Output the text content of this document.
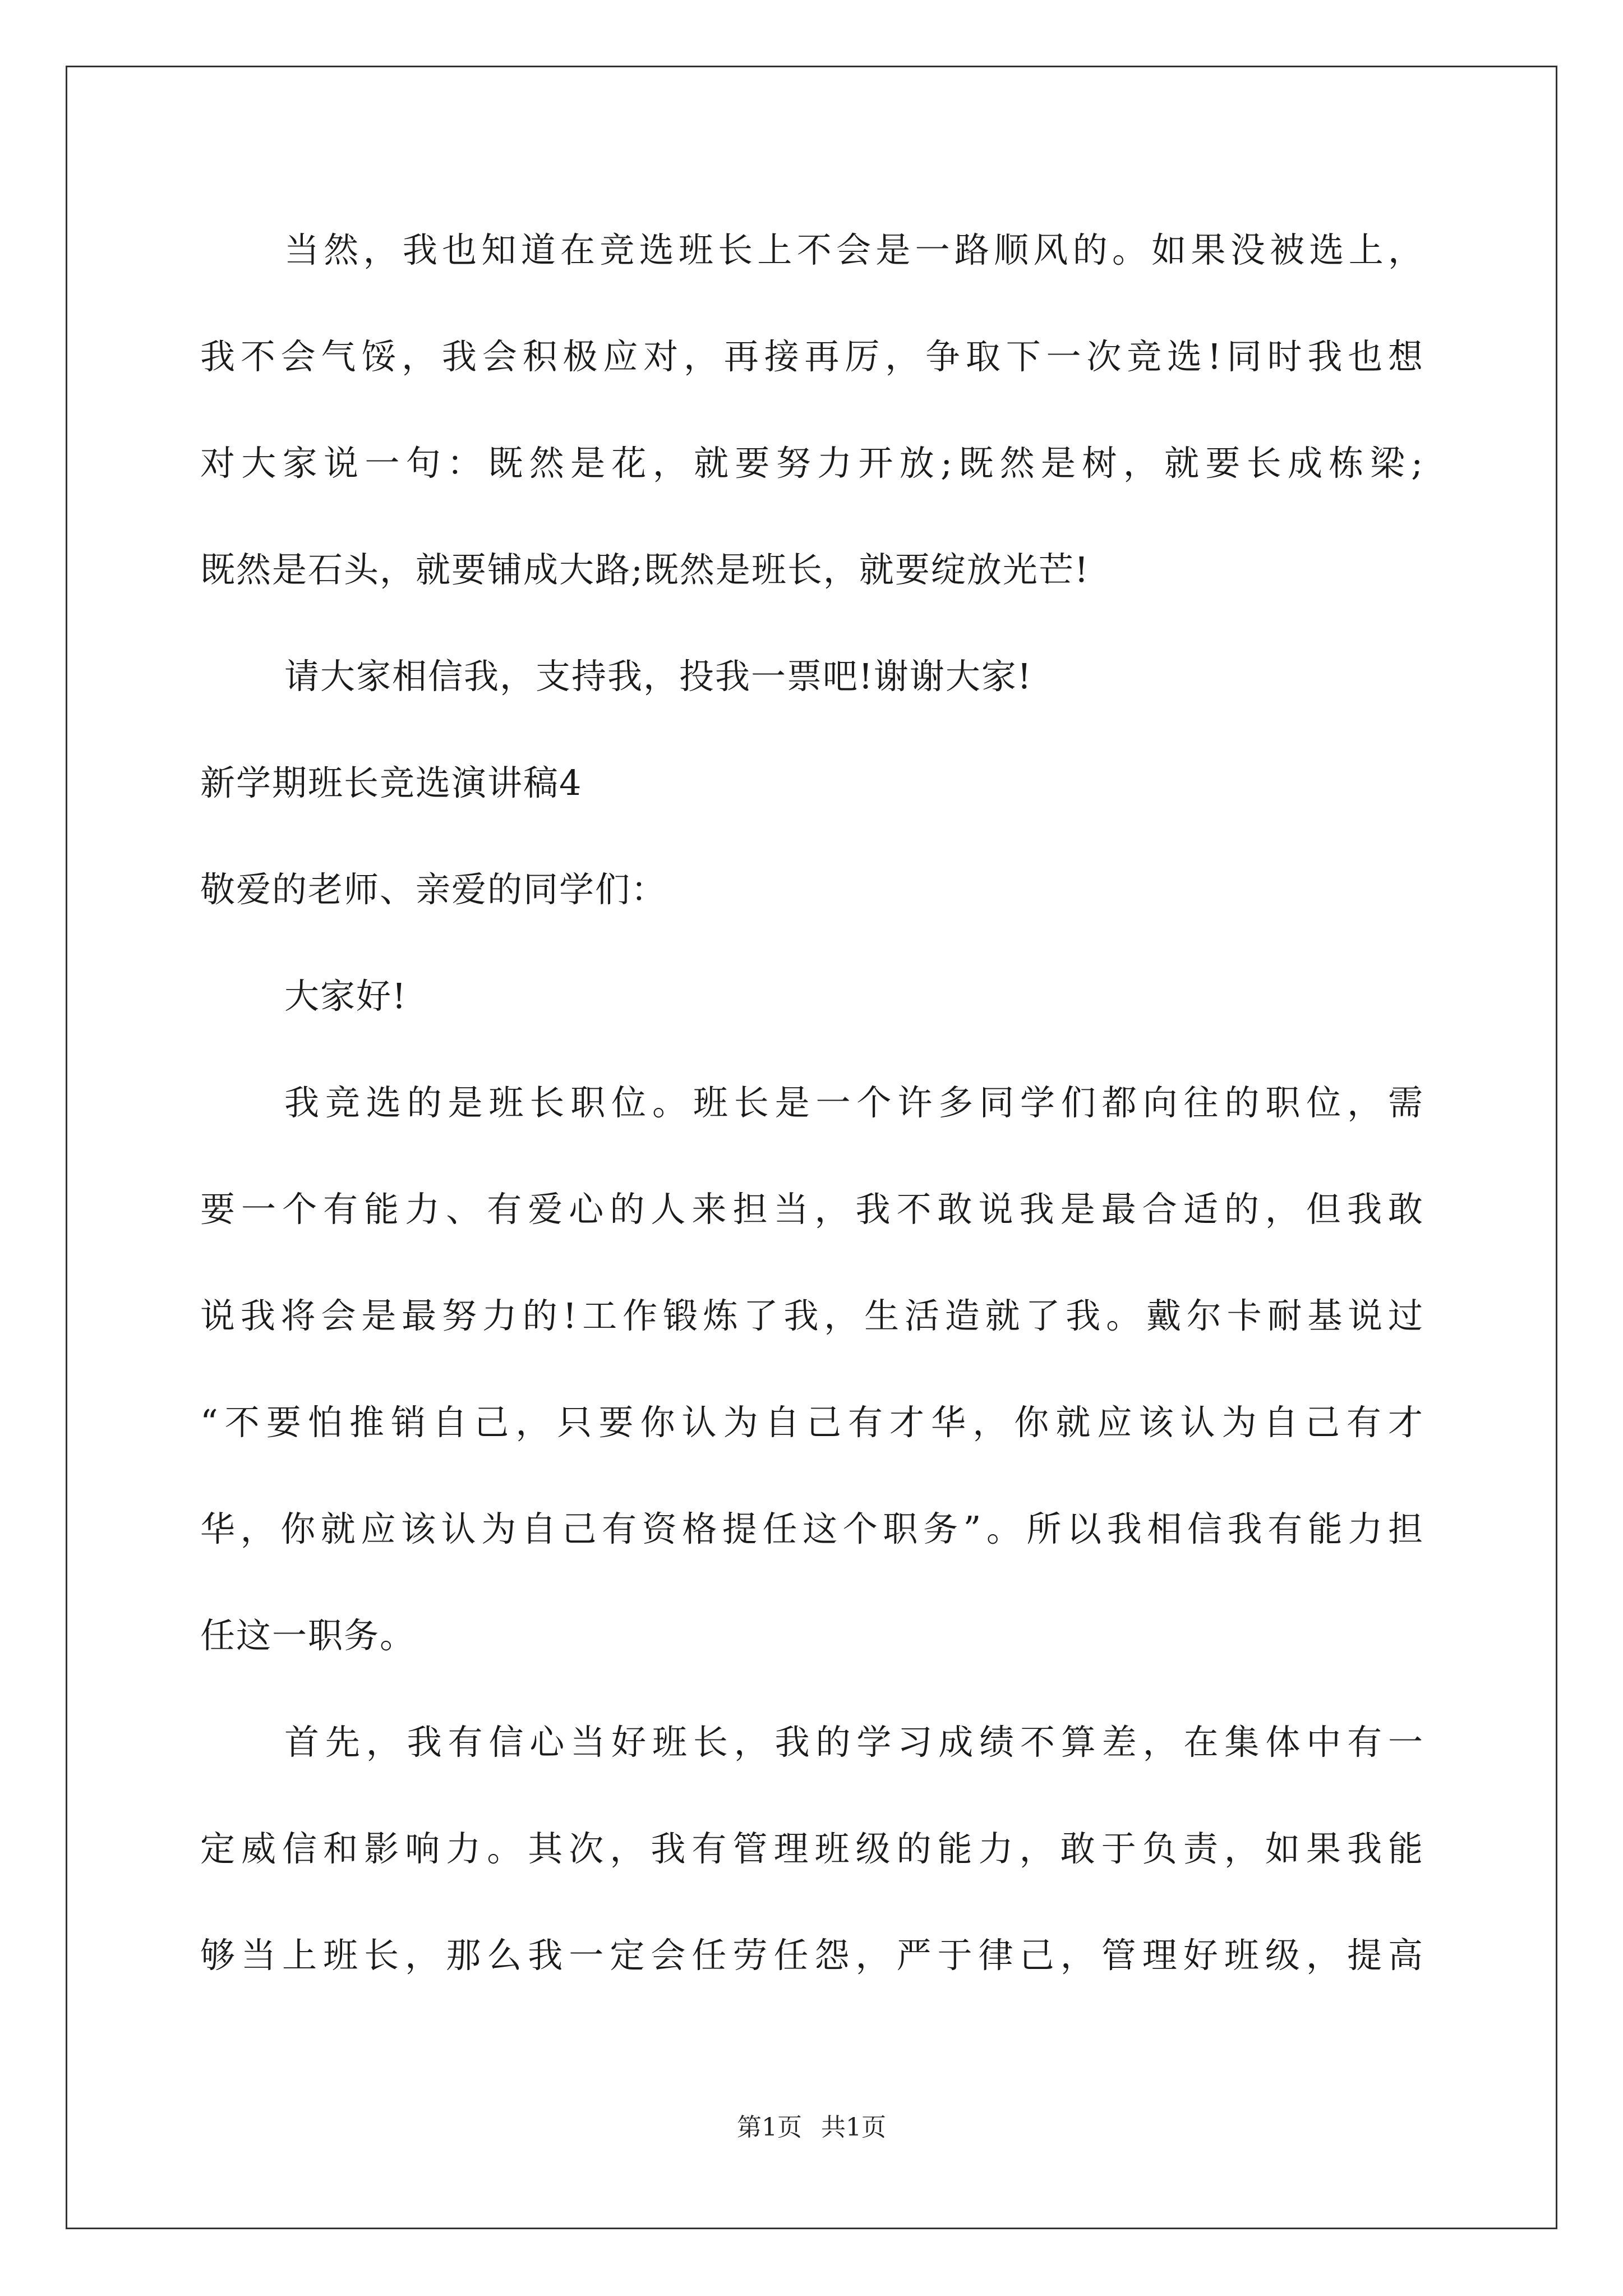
当然，我也知道在竞选班长上不会是一路顺风的。如果没被选上，
我不会气馁，我会积极应对，再接再厉，争取下一次竞选!同时我也想
对大家说一句：既然是花，就要努力开放;既然是树，就要长成栋梁;
既然是石头，就要铺成大路;既然是班长，就要绽放光芒!
请大家相信我，支持我，投我一票吧!谢谢大家!
新学期班长竞选演讲稿4
敬爱的老师、亲爱的同学们：
大家好!
我竞选的是班长职位。班长是一个许多同学们都向往的职位，需
要一个有能力、有爱心的人来担当，我不敢说我是最合适的，但我敢
说我将会是最努力的!工作锻炼了我，生活造就了我。戴尔卡耐基说过
“不要怕推销自己，只要你认为自己有才华，你就应该认为自己有才
华，你就应该认为自己有资格提任这个职务”。所以我相信我有能力担
任这一职务。
首先，我有信心当好班长，我的学习成绩不算差，在集体中有一
定威信和影响力。其次，我有管理班级的能力，敢于负责，如果我能
够当上班长，那么我一定会任劳任怨，严于律己，管理好班级，提高
第1页 共1页
